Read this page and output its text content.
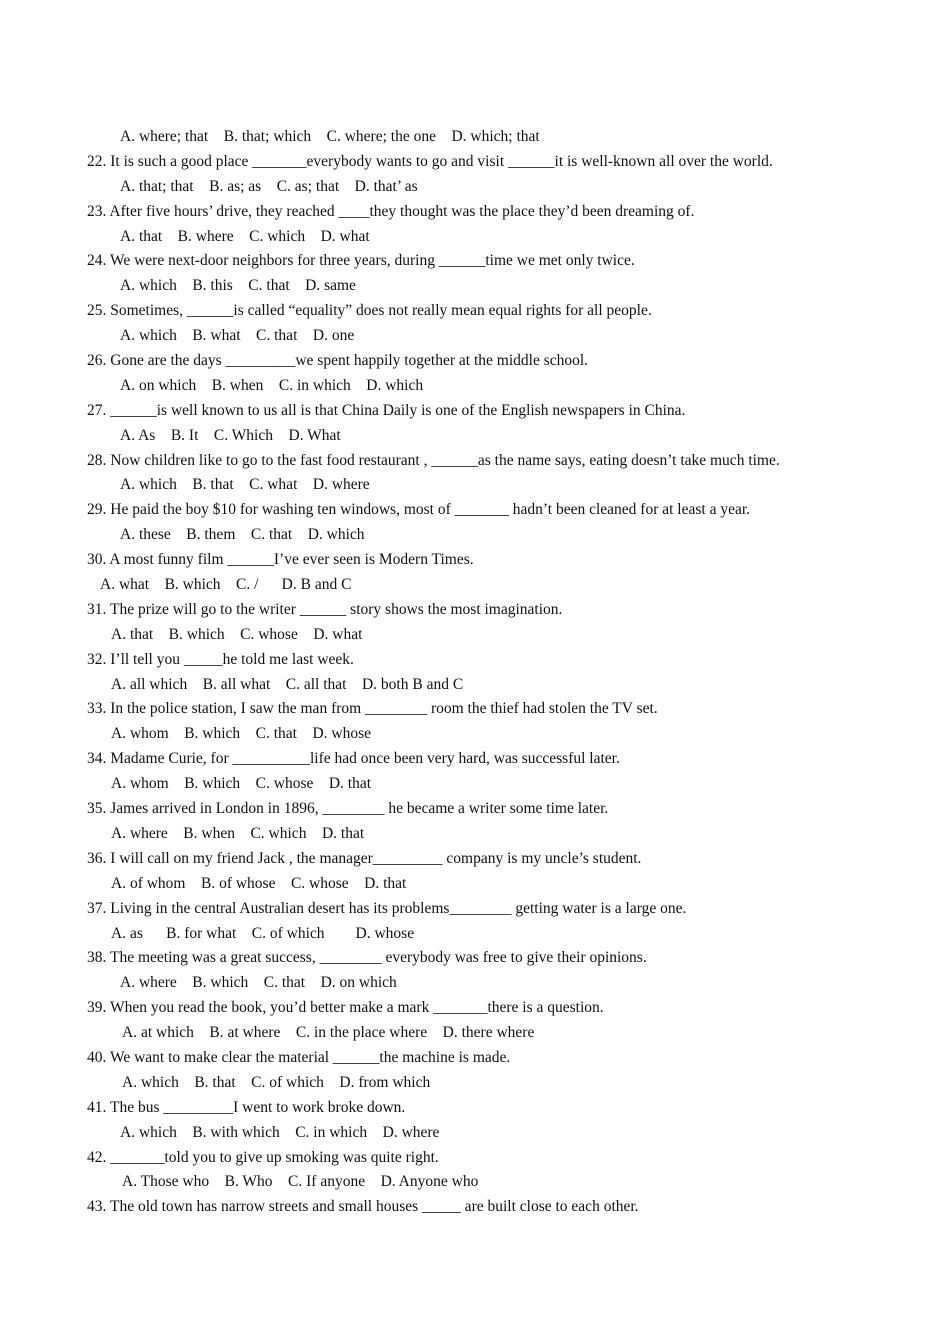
A. where; that    B. that; which    C. where; the one    D. which; that
22. It is such a good place _______everybody wants to go and visit ______it is well-known all over the world.
A. that; that    B. as; as    C. as; that    D. that’ as
23. After five hours’ drive, they reached ____they thought was the place they’d been dreaming of.
A. that    B. where    C. which    D. what
24. We were next-door neighbors for three years, during ______time we met only twice.
A. which    B. this    C. that    D. same
25. Sometimes, ______is called “equality” does not really mean equal rights for all people.
A. which    B. what    C. that    D. one
26. Gone are the days _________we spent happily together at the middle school.
A. on which    B. when    C. in which    D. which
27. ______is well known to us all is that China Daily is one of the English newspapers in China.
A. As    B. It    C. Which    D. What
28. Now children like to go to the fast food restaurant , ______as the name says, eating doesn’t take much time.
A. which    B. that    C. what    D. where
29. He paid the boy $10 for washing ten windows, most of _______ hadn’t been cleaned for at least a year.
A. these    B. them    C. that    D. which
30. A most funny film ______I’ve ever seen is Modern Times.
A. what    B. which    C. /      D. B and C
31. The prize will go to the writer ______ story shows the most imagination.
A. that    B. which    C. whose    D. what
32. I’ll tell you _____he told me last week.
A. all which    B. all what    C. all that    D. both B and C
33. In the police station, I saw the man from ________ room the thief had stolen the TV set.
A. whom    B. which    C. that    D. whose
34. Madame Curie, for __________life had once been very hard, was successful later.
A. whom    B. which    C. whose    D. that
35. James arrived in London in 1896, ________ he became a writer some time later.
A. where    B. when    C. which    D. that
36. I will call on my friend Jack , the manager_________ company is my uncle’s student.
A. of whom    B. of whose    C. whose    D. that
37. Living in the central Australian desert has its problems________ getting water is a large one.
A. as      B. for what    C. of which        D. whose
38. The meeting was a great success, ________ everybody was free to give their opinions.
A. where    B. which    C. that    D. on which
39. When you read the book, you’d better make a mark _______there is a question.
A. at which    B. at where    C. in the place where    D. there where
40. We want to make clear the material ______the machine is made.
A. which    B. that    C. of which    D. from which
41. The bus _________I went to work broke down.
A. which    B. with which    C. in which    D. where
42. _______told you to give up smoking was quite right.
A. Those who    B. Who    C. If anyone    D. Anyone who
43. The old town has narrow streets and small houses _____ are built close to each other.
